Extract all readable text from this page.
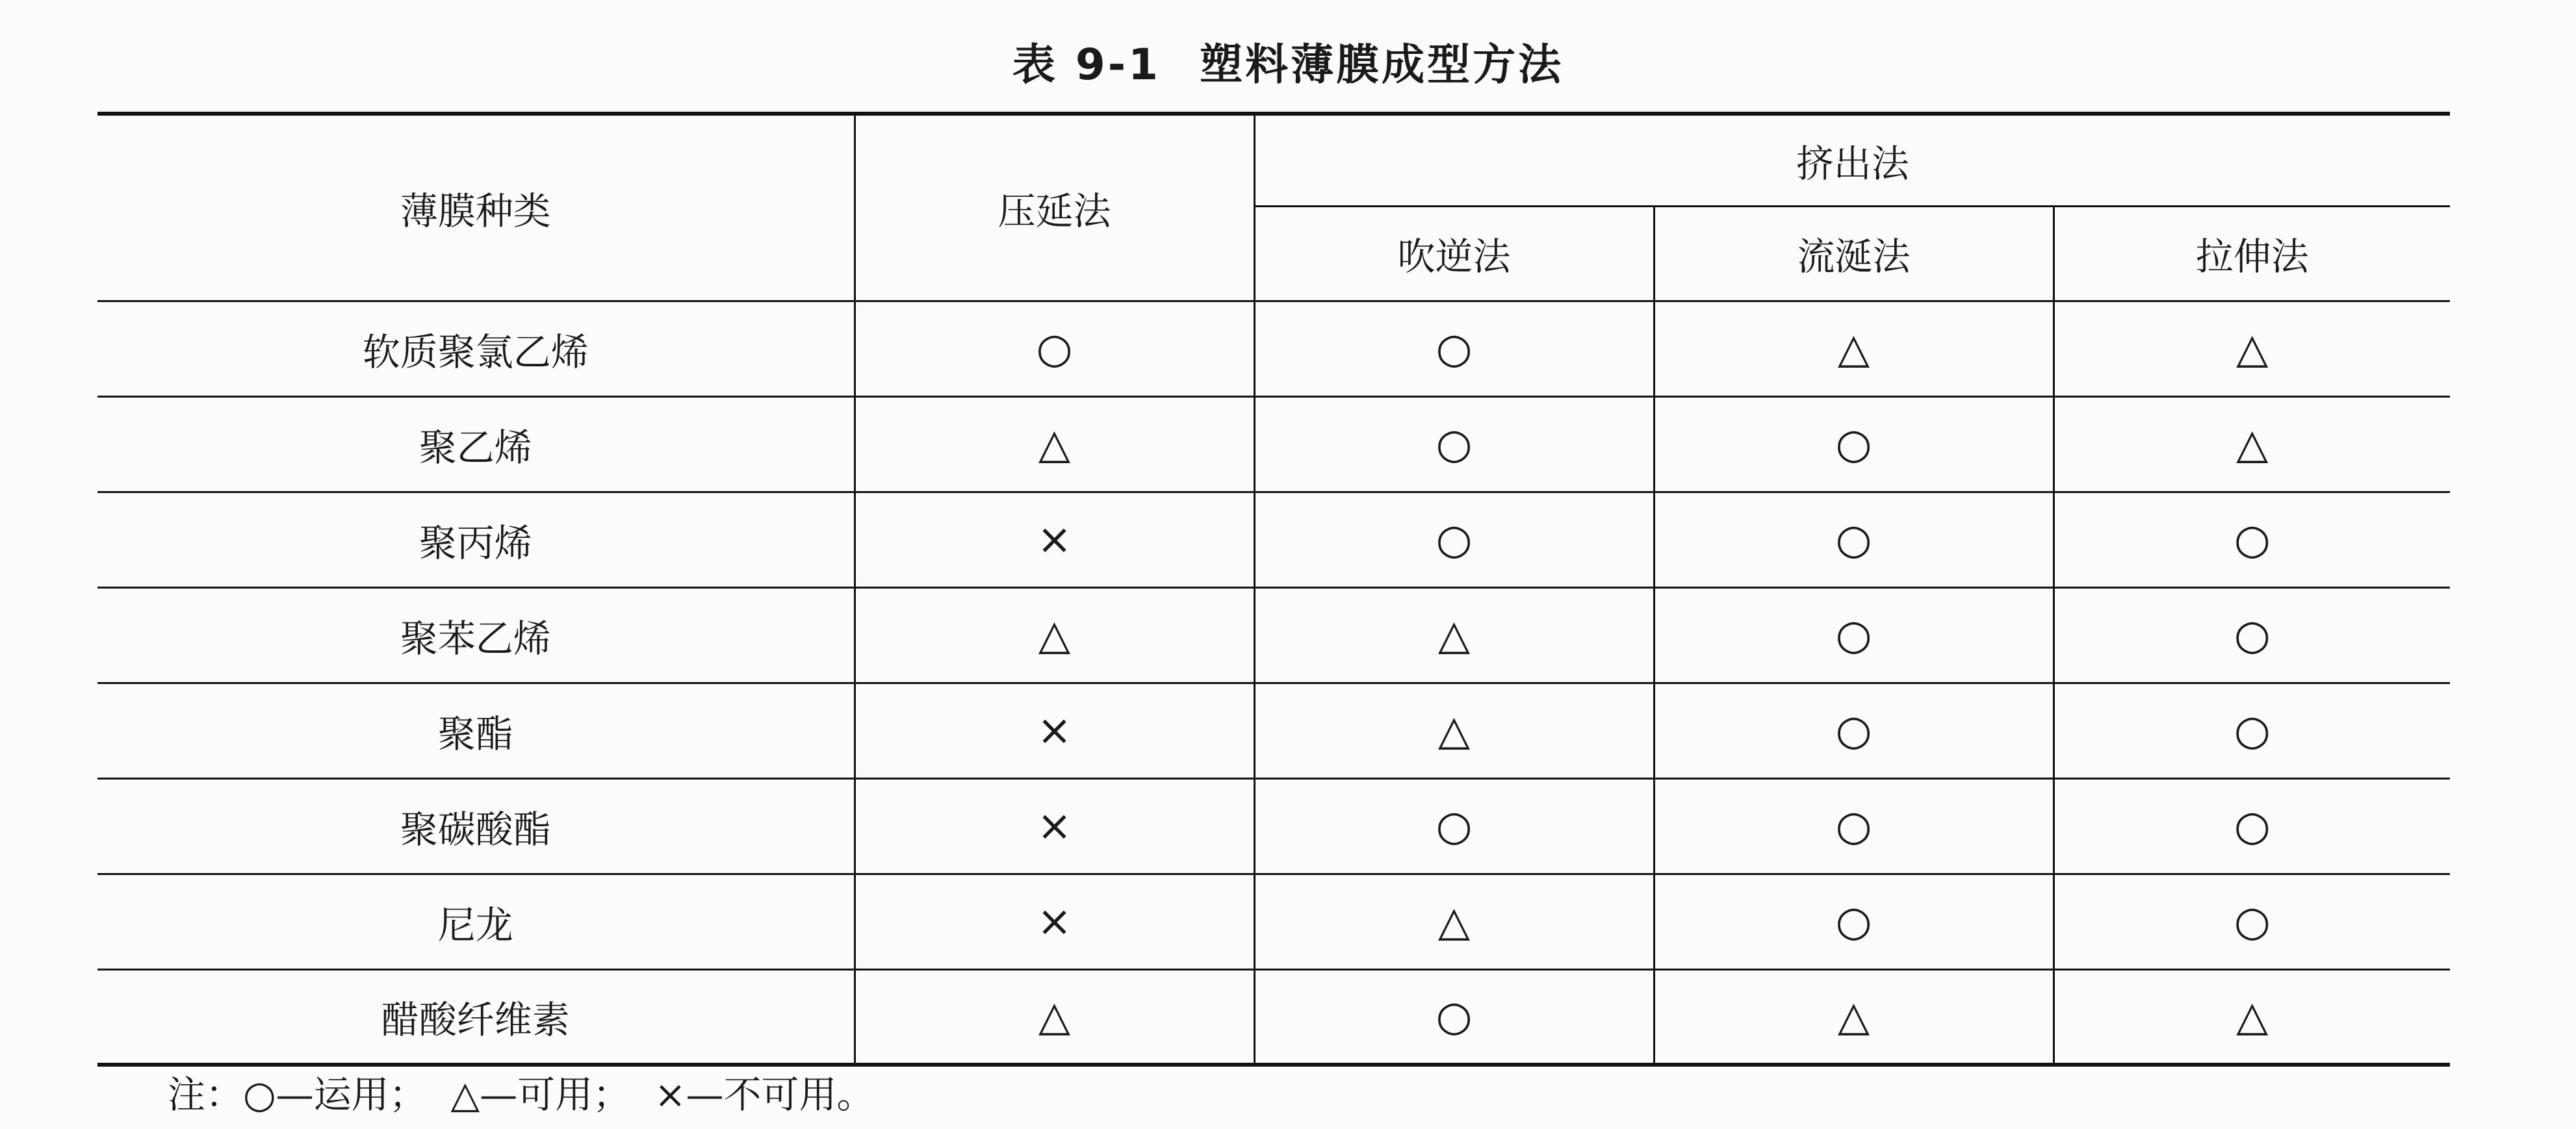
表 9-1 塑料薄膜成型方法
薄膜种类	压延法	挤出法		
		吹逆法	流涎法	拉伸法
软质聚氯乙烯	○	○	△	△
聚乙烯	△	○	○	△
聚丙烯	×	○	○	○
聚苯乙烯	△	△	○	○
聚酯	×	△	○	○
聚碳酸酯	×	○	○	○
尼龙	×	△	○	○
醋酸纤维素	△	○	△	△
注：○—运用；  △—可用；  ×—不可用。
